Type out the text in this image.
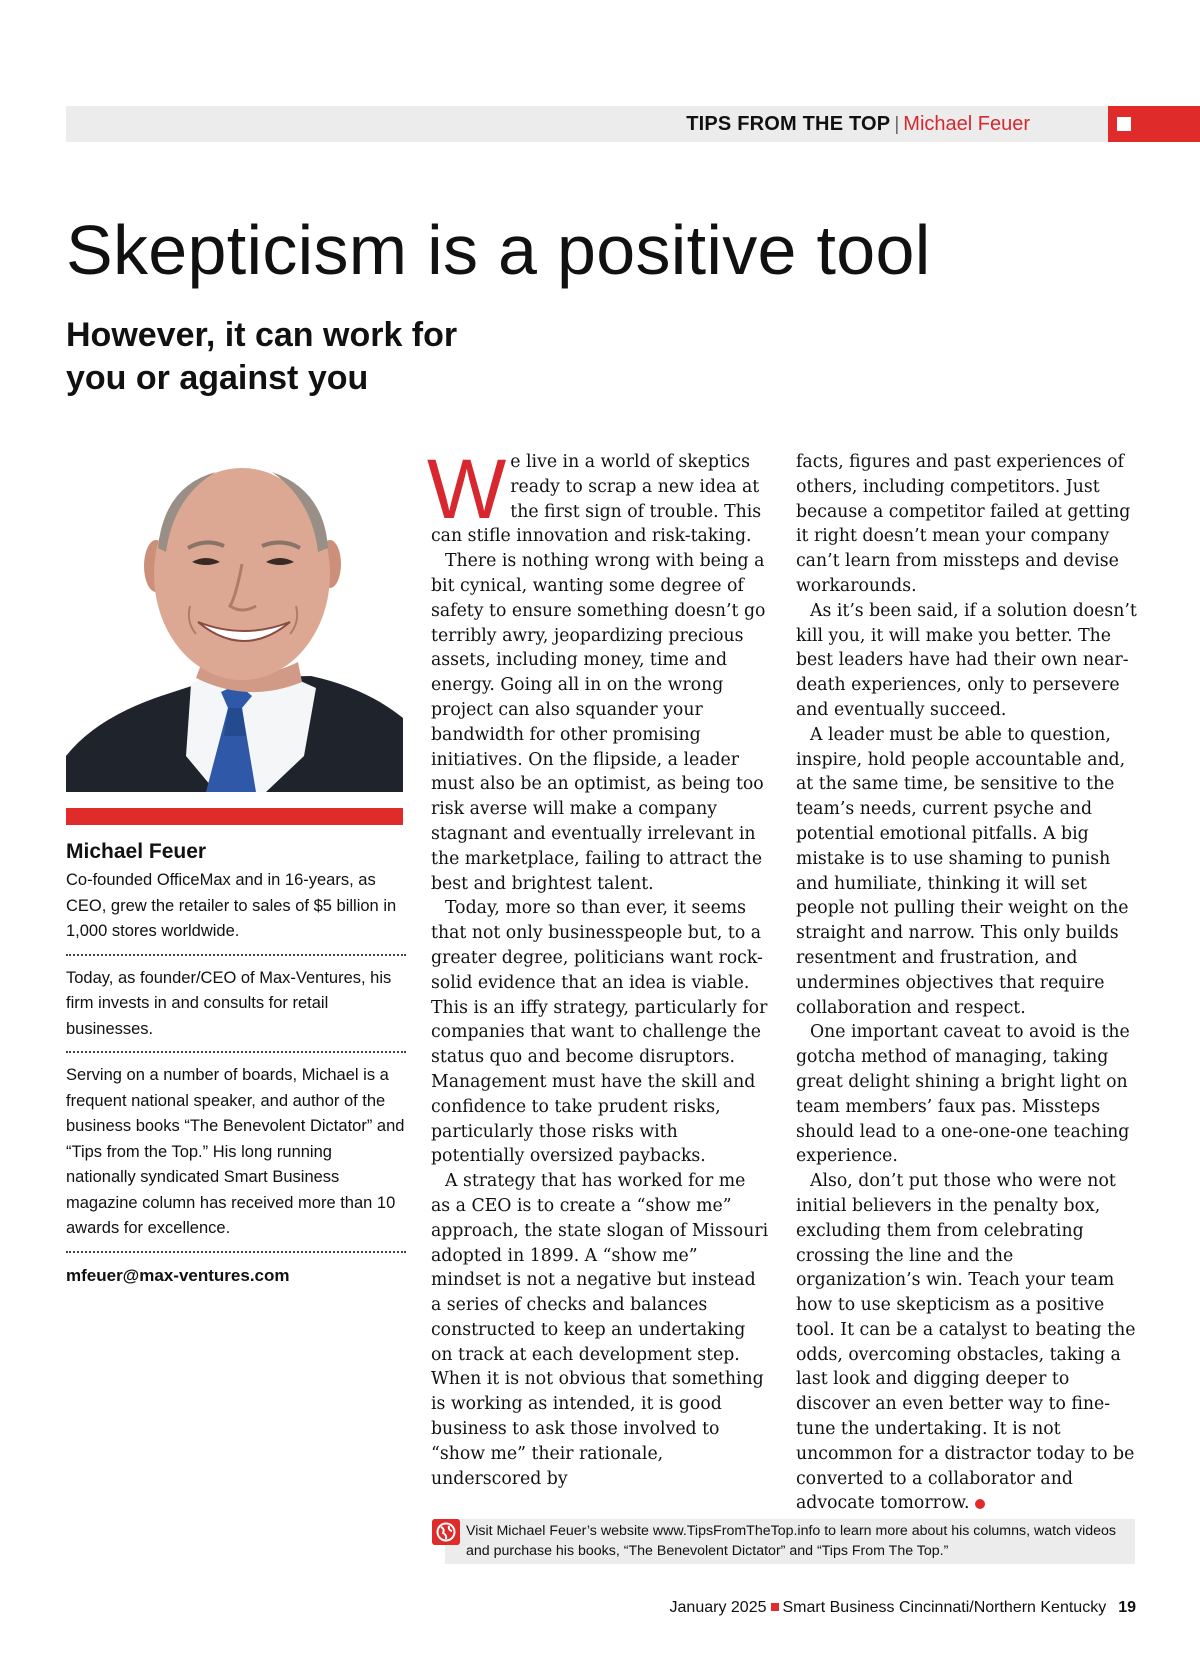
TIPS FROM THE TOP | Michael Feuer
Skepticism is a positive tool
However, it can work for you or against you

Michael Feuer

Co-founded OfficeMax and in 16-years, as CEO, grew the retailer to sales of $5 billion in 1,000 stores worldwide.

Today, as founder/CEO of Max-Ventures, his firm invests in and consults for retail businesses.

Serving on a number of boards, Michael is a frequent national speaker, and author of the business books “The Benevolent Dictator” and “Tips from the Top.” His long running nationally syndicated Smart Business magazine column has received more than 10 awards for excellence.

mfeuer@max-ventures.com

We live in a world of skeptics ready to scrap a new idea at the first sign of trouble. This can stifle innovation and risk-taking.

There is nothing wrong with being a bit cynical, wanting some degree of safety to ensure something doesn’t go terribly awry, jeopardizing precious assets, including money, time and energy. Going all in on the wrong project can also squander your bandwidth for other promising initiatives. On the flipside, a leader must also be an optimist, as being too risk averse will make a company stagnant and eventually irrelevant in the marketplace, failing to attract the best and brightest talent.

Today, more so than ever, it seems that not only businesspeople but, to a greater degree, politicians want rock-solid evidence that an idea is viable. This is an iffy strategy, particularly for companies that want to challenge the status quo and become disruptors. Management must have the skill and confidence to take prudent risks, particularly those risks with potentially oversized paybacks.

A strategy that has worked for me as a CEO is to create a “show me” approach, the state slogan of Missouri adopted in 1899. A “show me” mindset is not a negative but instead a series of checks and balances constructed to keep an undertaking on track at each development step. When it is not obvious that something is working as intended, it is good business to ask those involved to “show me” their rationale, underscored by

facts, figures and past experiences of others, including competitors. Just because a competitor failed at getting it right doesn’t mean your company can’t learn from missteps and devise workarounds.

As it’s been said, if a solution doesn’t kill you, it will make you better. The best leaders have had their own near-death experiences, only to persevere and eventually succeed.

A leader must be able to question, inspire, hold people accountable and, at the same time, be sensitive to the team’s needs, current psyche and potential emotional pitfalls. A big mistake is to use shaming to punish and humiliate, thinking it will set people not pulling their weight on the straight and narrow. This only builds resentment and frustration, and undermines objectives that require collaboration and respect.

One important caveat to avoid is the gotcha method of managing, taking great delight shining a bright light on team members’ faux pas. Missteps should lead to a one-one-one teaching experience.

Also, don’t put those who were not initial believers in the penalty box, excluding them from celebrating crossing the line and the organization’s win. Teach your team how to use skepticism as a positive tool. It can be a catalyst to beating the odds, overcoming obstacles, taking a last look and digging deeper to discover an even better way to fine-tune the undertaking. It is not uncommon for a distractor today to be converted to a collaborator and advocate tomorrow.

Visit Michael Feuer’s website www.TipsFromTheTop.info to learn more about his columns, watch videos and purchase his books, “The Benevolent Dictator” and “Tips From The Top.”

January 2025 Smart Business Cincinnati/Northern Kentucky 19
